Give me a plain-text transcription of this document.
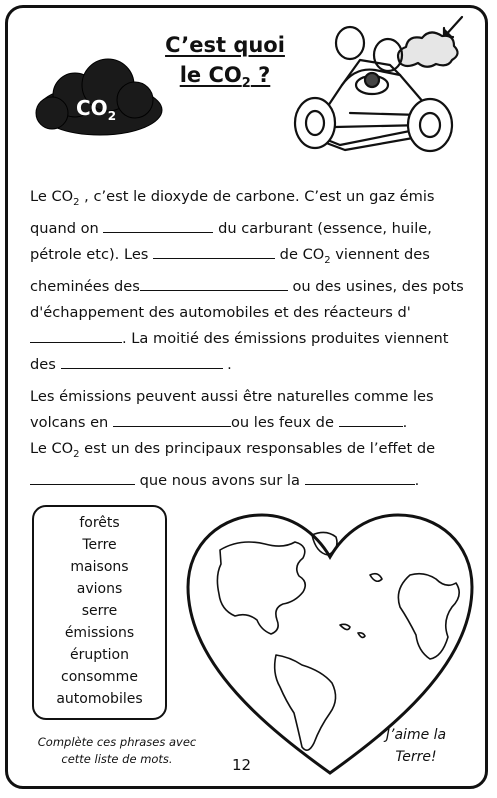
C’est quoi
le $CO_2$ ?
$CO_2$

Le $CO_2$ , c’est le dioxyde de carbone. C’est un gaz émis quand on	du carburant (essence, huile, pétrole etc). Les	de $CO_2$ viennent des cheminées des	ou des usines, des pots d'échappement des automobiles et des réacteurs d' . La moitié des émissions produites viennent des	.

Les émissions peuvent aussi être naturelles comme les volcans en	ou les feux de	.
Le $CO_2$ est un des principaux responsables de l’effet de  que nous avons sur la	.

forêts
Terre
maisons
avions
serre
émissions
éruption
consomme
automobiles
Complète ces phrases avec cette liste de mots.	12
J’aime la
Terre!
